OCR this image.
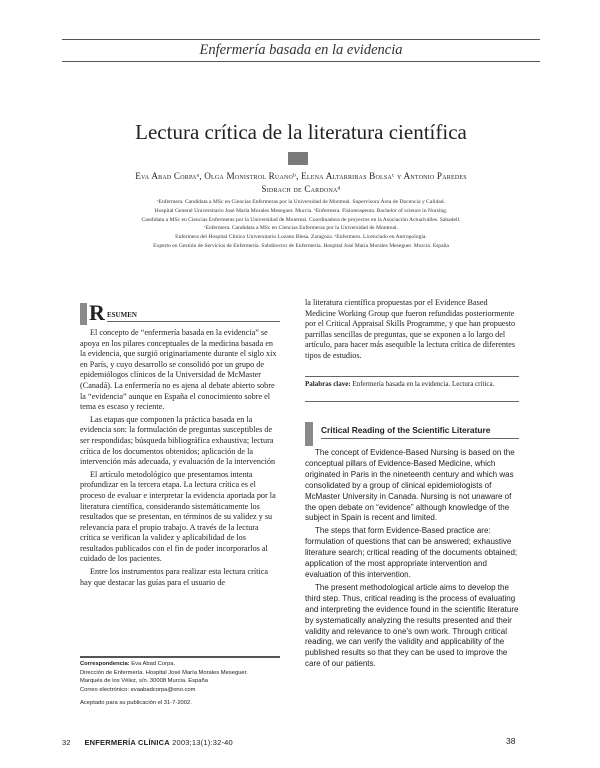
Enfermería basada en la evidencia
Lectura crítica de la literatura científica
Eva Abad Corpaᵃ, Olga Monistrol Ruanoᵇ, Elena Altarribas Bolsaᶜ y Antonio Paredes
Sidrach de Cardonaᵈ
ᵃEnfermera. Candidata a MSc en Ciencias Enfermeras por la Universidad de Montreal. Supervisora Área de Docencia y Calidad.
Hospital General Universitario José María Morales Meseguer. Murcia. ᵇEnfermera. Fisioterapeuta. Bachelor of science in Nursing.
Candidata a MSc en Ciencias Enfermeras por la Universidad de Montreal. Coordinadora de proyectos en la Asociación Actualválles. Sabadell.
ᶜEnfermera. Candidata a MSc en Ciencias Enfermeras por la Universidad de Montreal.
Enfermera del Hospital Clínico Universitario Lozano Blesa. Zaragoza. ᵈEnfermero. Licenciado en Antropología.
Experto en Gestión de Servicios de Enfermería. Subdirector de Enfermería. Hospital José María Morales Meseguer. Murcia. España
R esumen

El concepto de “enfermería basada en la evidencia” se apoya en los pilares conceptuales de la medicina basada en la evidencia, que surgió originariamente durante el siglo xix en París, y cuyo desarrollo se consolidó por un grupo de epidemiólogos clínicos de la Universidad de McMaster (Canadá). La enfermería no es ajena al debate abierto sobre la “evidencia” aunque en España el conocimiento sobre el tema es escaso y reciente.

Las etapas que componen la práctica basada en la evidencia son: la formulación de preguntas susceptibles de ser respondidas; búsqueda bibliográfica exhaustiva; lectura crítica de los documentos obtenidos; aplicación de la intervención más adecuada, y evaluación de la intervención

El artículo metodológico que presentamos intenta profundizar en la tercera etapa. La lectura crítica es el proceso de evaluar e interpretar la evidencia aportada por la literatura científica, considerando sistemáticamente los resultados que se presentan, en términos de su validez y su relevancia para el propio trabajo. A través de la lectura crítica se verifican la validez y aplicabilidad de los resultados publicados con el fin de poder incorporarlos al cuidado de los pacientes.

Entre los instrumentos para realizar esta lectura crítica hay que destacar las guías para el usuario de

Correspondencia: Eva Abad Corpa.
Dirección de Enfermería. Hospital José María Morales Meseguer.
Marqués de los Vélez, s/n. 30008 Murcia. España
Correo electrónico: evaabadcorpa@ono.com
Aceptado para su publicación el 31-7-2002.

la literatura científica propuestas por el Evidence Based Medicine Working Group que fueron refundidas posteriormente por el Critical Appraisal Skills Programme, y que han propuesto parrillas sencillas de preguntas, que se exponen a lo largo del artículo, para hacer más asequible la lectura crítica de diferentes tipos de estudios.

Palabras clave: Enfermería basada en la evidencia. Lectura crítica.
Critical Reading of the Scientific Literature

The concept of Evidence-Based Nursing is based on the conceptual pillars of Evidence-Based Medicine, which originated in Paris in the nineteenth century and which was consolidated by a group of clinical epidemiologists of McMaster University in Canada. Nursing is not unaware of the open debate on “evidence” although knowledge of the subject in Spain is recent and limited.

The steps that form Evidence-Based practice are: formulation of questions that can be answered; exhaustive literature search; critical reading of the documents obtained; application of the most appropriate intervention and evaluation of this intervention.

The present methodological article aims to develop the third step. Thus, critical reading is the process of evaluating and interpreting the evidence found in the scientific literature by systematically analyzing the results presented and their validity and relevance to one’s own work. Through critical reading, we can verify the validity and applicability of the published results so that they can be used to improve the care of our patients.

32 ENFERMERÍA CLÍNICA 2003;13(1):32-40	38
